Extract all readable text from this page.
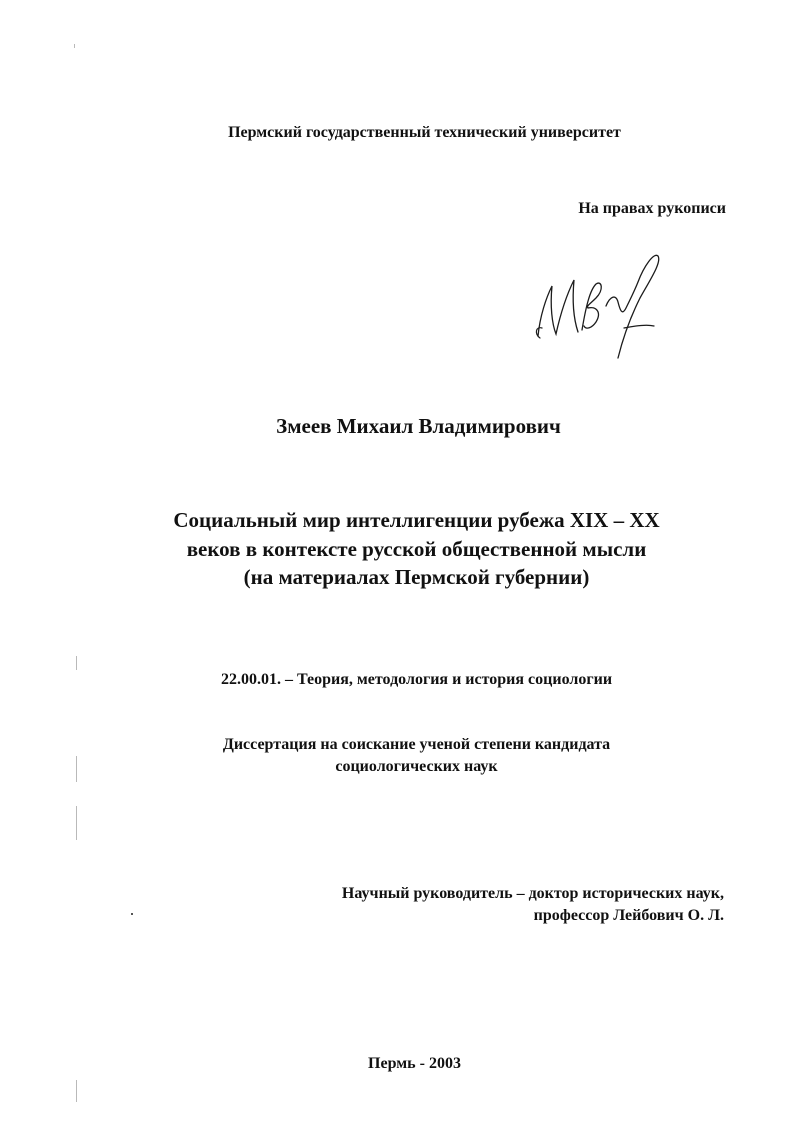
Пермский государственный технический университет

На правах рукописи

Змеев Михаил Владимирович

Социальный мир интеллигенции рубежа XIX – XX

веков в контексте русской общественной мысли

(на материалах Пермской губернии)

22.00.01. – Теория, методология и история социологии

Диссертация на соискание ученой степени кандидата

социологических наук

Научный руководитель – доктор исторических наук,

профессор Лейбович О. Л.

Пермь - 2003
